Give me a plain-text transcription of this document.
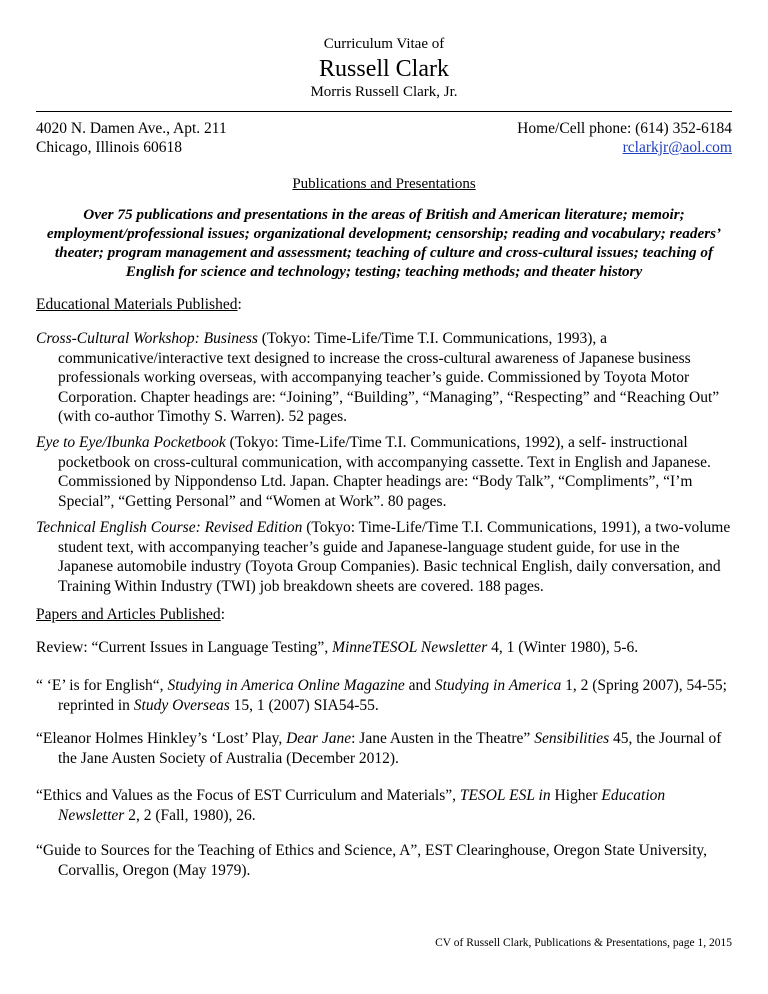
Curriculum Vitae of
Russell Clark
Morris Russell Clark, Jr.
4020 N. Damen Ave., Apt. 211	Home/Cell phone: (614) 352-6184
Chicago, Illinois 60618	rclarkjr@aol.com
Publications and Presentations
Over 75 publications and presentations in the areas of British and American literature; memoir; employment/professional issues; organizational development; censorship; reading and vocabulary; readers’ theater; program management and assessment; teaching of culture and cross-cultural issues; teaching of English for science and technology; testing; teaching methods; and theater history
Educational Materials Published:
Cross-Cultural Workshop: Business (Tokyo: Time-Life/Time T.I. Communications, 1993), a communicative/interactive text designed to increase the cross-cultural awareness of Japanese business professionals working overseas, with accompanying teacher’s guide. Commissioned by Toyota Motor Corporation. Chapter headings are: “Joining”, “Building”, “Managing”, “Respecting” and “Reaching Out” (with co-author Timothy S. Warren). 52 pages.
Eye to Eye/Ibunka Pocketbook (Tokyo: Time-Life/Time T.I. Communications, 1992), a self- instructional pocketbook on cross-cultural communication, with accompanying cassette. Text in English and Japanese. Commissioned by Nippondenso Ltd. Japan. Chapter headings are: “Body Talk”, “Compliments”, “I’m Special”, “Getting Personal” and “Women at Work”. 80 pages.
Technical English Course: Revised Edition (Tokyo: Time-Life/Time T.I. Communications, 1991), a two-volume student text, with accompanying teacher’s guide and Japanese-language student guide, for use in the Japanese automobile industry (Toyota Group Companies). Basic technical English, daily conversation, and Training Within Industry (TWI) job breakdown sheets are covered. 188 pages.
Papers and Articles Published:
Review: “Current Issues in Language Testing”, MinneTESOL Newsletter 4, 1 (Winter 1980), 5-6.
“ ‘E’ is for English“, Studying in America Online Magazine and Studying in America 1, 2 (Spring 2007), 54-55; reprinted in Study Overseas 15, 1 (2007) SIA54-55.
“Eleanor Holmes Hinkley’s ‘Lost’ Play, Dear Jane: Jane Austen in the Theatre” Sensibilities 45, the Journal of the Jane Austen Society of Australia (December 2012).
“Ethics and Values as the Focus of EST Curriculum and Materials”, TESOL ESL in Higher Education Newsletter 2, 2 (Fall, 1980), 26.
“Guide to Sources for the Teaching of Ethics and Science, A”, EST Clearinghouse, Oregon State University, Corvallis, Oregon (May 1979).
CV of Russell Clark, Publications & Presentations, page 1, 2015
